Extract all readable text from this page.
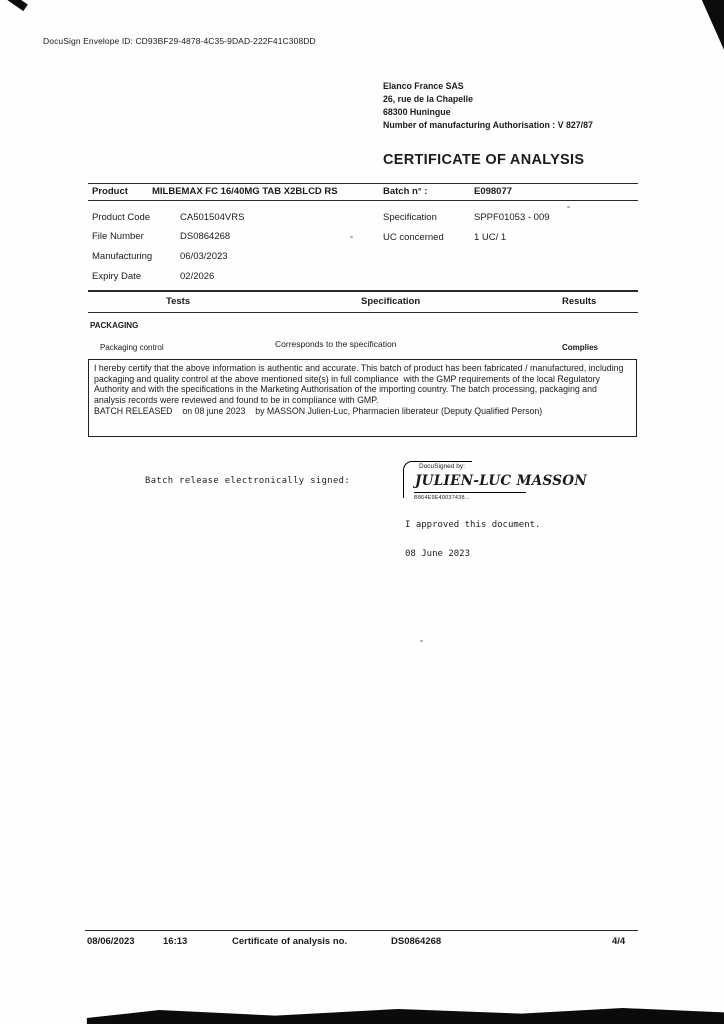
DocuSign Envelope ID: CD93BF29-4878-4C35-9DAD-222F41C308DD
Elanco France SAS
26, rue de la Chapelle
68300 Huningue
Number of manufacturing Authorisation : V 827/87
CERTIFICATE OF ANALYSIS
Product	MILBEMAX FC 16/40MG TAB X2BLCD RS	Batch n° :	E098077
Product Code	CA501504VRS	Specification	SPPF01053 - 009
File Number	DS0864268	UC concerned	1 UC/ 1
Manufacturing	06/03/2023
Expiry Date	02/2026
Tests	Specification	Results
PACKAGING
Packaging control	Corresponds to the specification	Complies
I hereby certify that the above information is authentic and accurate. This batch of product has been fabricated / manufactured, including packaging and quality control at the above mentioned site(s) in full compliance  with the GMP requirements of the local Regulatory Authority and with the specifications in the Marketing Authorisation of the importing country. The batch processing, packaging and analysis records were reviewed and found to be in compliance with GMP.
BATCH RELEASED    on 08 june 2023    by MASSON Julien-Luc, Pharmacien liberateur (Deputy Qualified Person)
Batch release electronically signed:
DocuSigned by:
JULIEN-LUC MASSON
B864E9E40037438...
I approved this document.
08 June 2023
08/06/2023	16:13	Certificate of analysis no.	DS0864268	4/4
